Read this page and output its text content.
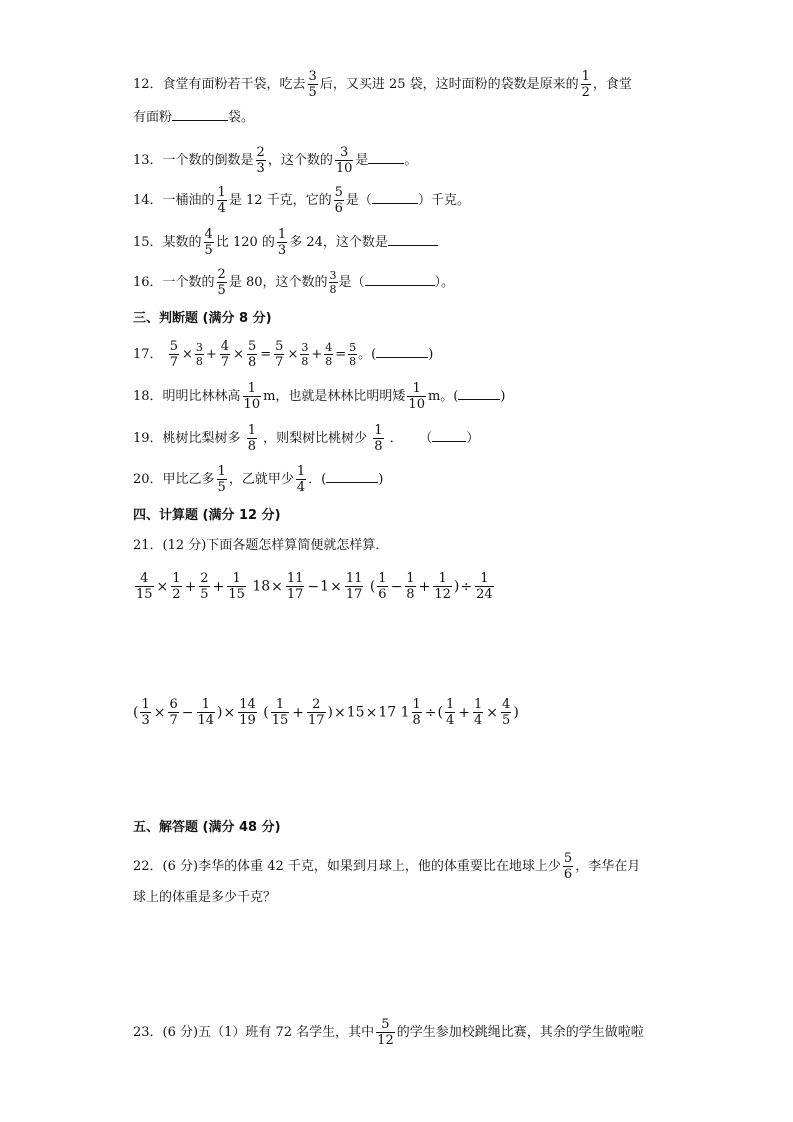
12．食堂有面粉若干袋，吃去 $\frac{3}{5}$ 后，又买进 25 袋，这时面粉的袋数是原来的 $\frac{1}{2}$ ，食堂
有面粉	袋。
13．一个数的倒数是 $\frac{2}{3}$ ，这个数的 $\frac{3}{10}$ 是	。
14．一桶油的 $\frac{1}{4}$ 是 12 千克，它的 $\frac{5}{6}$ 是（	）千克。
15．某数的 $\frac{4}{5}$ 比 120 的 $\frac{1}{3}$ 多 24，这个数是
16．一个数的 $\frac{2}{5}$ 是 80，这个数的 $\frac{3}{8}$ 是（	）。
三、判断题 (满分 8 分)
17． $\frac{5}{7} \times \frac{3}{8} + \frac{4}{7} \times \frac{5}{8} = \frac{5}{7} \times \frac{3}{8} + \frac{4}{8} = \frac{5}{8}$ 。(	)
18．明明比林林高 $\frac{1}{10}$ m，也就是林林比明明矮 $\frac{1}{10}$ m。(	)
19．桃树比梨树多 $\frac{1}{8}$ ，则梨树比桃树少 $\frac{1}{8}$ ． （	）
20．甲比乙多 $\frac{1}{5}$ ，乙就甲少 $\frac{1}{4}$ ．(	)
四、计算题 (满分 12 分)
21．(12 分)下面各题怎样算简便就怎样算．
$\frac{4}{15} \times \frac{1}{2} + \frac{2}{5} + \frac{1}{15} 18\times \frac{11}{17} -1\times \frac{11}{17}$ ( $\frac{1}{6} - \frac{1}{8} + \frac{1}{12}$ )÷ $\frac{1}{24}$
( $\frac{1}{3} \times \frac{6}{7} - \frac{1}{14}$ )× $\frac{14}{19}$ ( $\frac{1}{15} + \frac{2}{17} )\times 15\times 17$ $1 \frac{1}{8}$ ÷( $\frac{1}{4} + \frac{1}{4} \times \frac{4}{5}$ )
五、解答题 (满分 48 分)
22．(6 分)李华的体重 42 千克，如果到月球上，他的体重要比在地球上少 $\frac{5}{6}$ ，李华在月
球上的体重是多少千克？
23．(6 分)五（1）班有 72 名学生，其中 $\frac{5}{12}$ 的学生参加校跳绳比赛，其余的学生做啦啦
